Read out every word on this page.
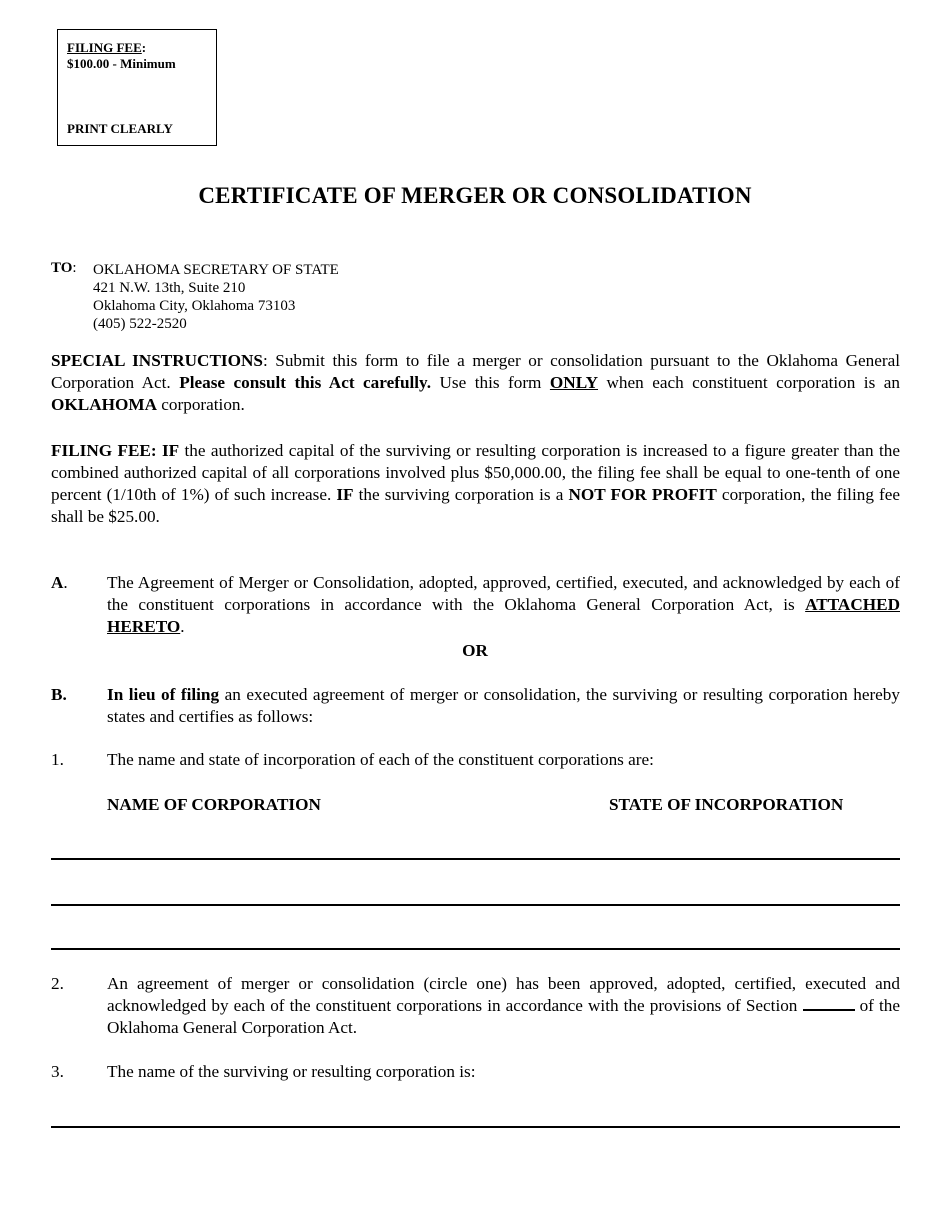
FILING FEE:
$100.00 - Minimum
PRINT CLEARLY
CERTIFICATE OF MERGER OR CONSOLIDATION
TO: OKLAHOMA SECRETARY OF STATE
421 N.W. 13th, Suite 210
Oklahoma City, Oklahoma 73103
(405) 522-2520
SPECIAL INSTRUCTIONS: Submit this form to file a merger or consolidation pursuant to the Oklahoma General Corporation Act. Please consult this Act carefully. Use this form ONLY when each constituent corporation is an OKLAHOMA corporation.
FILING FEE: IF the authorized capital of the surviving or resulting corporation is increased to a figure greater than the combined authorized capital of all corporations involved plus $50,000.00, the filing fee shall be equal to one-tenth of one percent (1/10th of 1%) of such increase. IF the surviving corporation is a NOT FOR PROFIT corporation, the filing fee shall be $25.00.
A. The Agreement of Merger or Consolidation, adopted, approved, certified, executed, and acknowledged by each of the constituent corporations in accordance with the Oklahoma General Corporation Act, is ATTACHED HERETO.
OR
B. In lieu of filing an executed agreement of merger or consolidation, the surviving or resulting corporation hereby states and certifies as follows:
1.	The name and state of incorporation of each of the constituent corporations are:
NAME OF CORPORATION	STATE OF INCORPORATION
2.	An agreement of merger or consolidation (circle one) has been approved, adopted, certified, executed and acknowledged by each of the constituent corporations in accordance with the provisions of Section	of the Oklahoma General Corporation Act.
3.	The name of the surviving or resulting corporation is:
